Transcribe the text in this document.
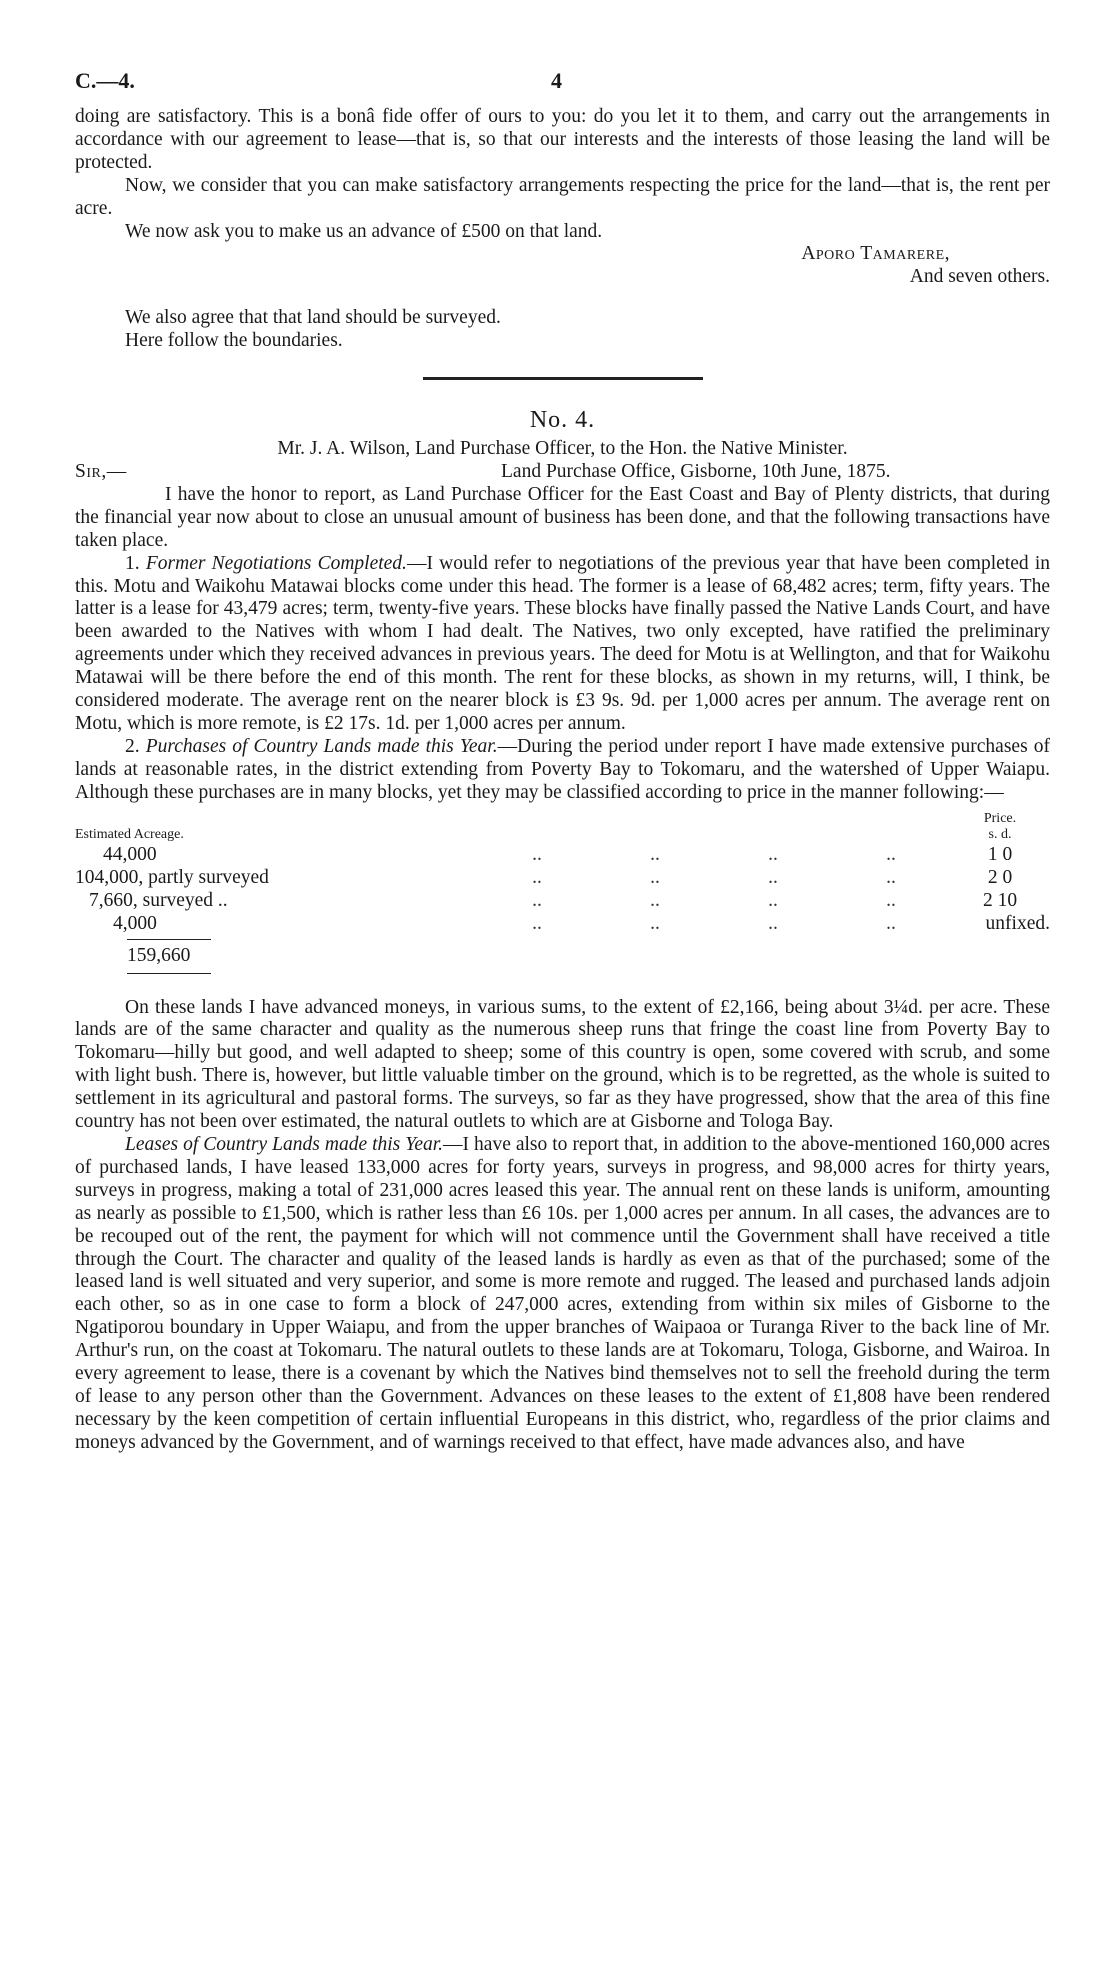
C.—4.	4

doing are satisfactory. This is a bonâ fide offer of ours to you: do you let it to them, and carry out the arrangements in accordance with our agreement to lease—that is, so that our interests and the interests of those leasing the land will be protected.

Now, we consider that you can make satisfactory arrangements respecting the price for the land—that is, the rent per acre.

We now ask you to make us an advance of £500 on that land.

Aporo Tamarere,
And seven others.

We also agree that that land should be surveyed.

Here follow the boundaries.

No. 4.
Mr. J. A. Wilson, Land Purchase Officer, to the Hon. the Native Minister.
Sir,—	Land Purchase Office, Gisborne, 10th June, 1875.

I have the honor to report, as Land Purchase Officer for the East Coast and Bay of Plenty districts, that during the financial year now about to close an unusual amount of business has been done, and that the following transactions have taken place.

1. Former Negotiations Completed.—I would refer to negotiations of the previous year that have been completed in this. Motu and Waikohu Matawai blocks come under this head. The former is a lease of 68,482 acres; term, fifty years. The latter is a lease for 43,479 acres; term, twenty-five years. These blocks have finally passed the Native Lands Court, and have been awarded to the Natives with whom I had dealt. The Natives, two only excepted, have ratified the preliminary agreements under which they received advances in previous years. The deed for Motu is at Wellington, and that for Waikohu Matawai will be there before the end of this month. The rent for these blocks, as shown in my returns, will, I think, be considered moderate. The average rent on the nearer block is £3 9s. 9d. per 1,000 acres per annum. The average rent on Motu, which is more remote, is £2 17s. 1d. per 1,000 acres per annum.

2. Purchases of Country Lands made this Year.—During the period under report I have made extensive purchases of lands at reasonable rates, in the district extending from Poverty Bay to Tokomaru, and the watershed of Upper Waiapu. Although these purchases are in many blocks, yet they may be classified according to price in the manner following:—

Estimated Acreage.					Price.
s. d.

44,000	..	..	..	..	1 0
104,000, partly surveyed	..	..	..	..	2 0
7,660, surveyed ..	..	..	..	..	2 10
4,000	..	..	..	..	unfixed.
159,660

On these lands I have advanced moneys, in various sums, to the extent of £2,166, being about 3¼d. per acre. These lands are of the same character and quality as the numerous sheep runs that fringe the coast line from Poverty Bay to Tokomaru—hilly but good, and well adapted to sheep; some of this country is open, some covered with scrub, and some with light bush. There is, however, but little valuable timber on the ground, which is to be regretted, as the whole is suited to settlement in its agricultural and pastoral forms. The surveys, so far as they have progressed, show that the area of this fine country has not been over estimated, the natural outlets to which are at Gisborne and Tologa Bay.

Leases of Country Lands made this Year.—I have also to report that, in addition to the above-mentioned 160,000 acres of purchased lands, I have leased 133,000 acres for forty years, surveys in progress, and 98,000 acres for thirty years, surveys in progress, making a total of 231,000 acres leased this year. The annual rent on these lands is uniform, amounting as nearly as possible to £1,500, which is rather less than £6 10s. per 1,000 acres per annum. In all cases, the advances are to be recouped out of the rent, the payment for which will not commence until the Government shall have received a title through the Court. The character and quality of the leased lands is hardly as even as that of the purchased; some of the leased land is well situated and very superior, and some is more remote and rugged. The leased and purchased lands adjoin each other, so as in one case to form a block of 247,000 acres, extending from within six miles of Gisborne to the Ngatiporou boundary in Upper Waiapu, and from the upper branches of Waipaoa or Turanga River to the back line of Mr. Arthur's run, on the coast at Tokomaru. The natural outlets to these lands are at Tokomaru, Tologa, Gisborne, and Wairoa. In every agreement to lease, there is a covenant by which the Natives bind themselves not to sell the freehold during the term of lease to any person other than the Government. Advances on these leases to the extent of £1,808 have been rendered necessary by the keen competition of certain influential Europeans in this district, who, regardless of the prior claims and moneys advanced by the Government, and of warnings received to that effect, have made advances also, and have
